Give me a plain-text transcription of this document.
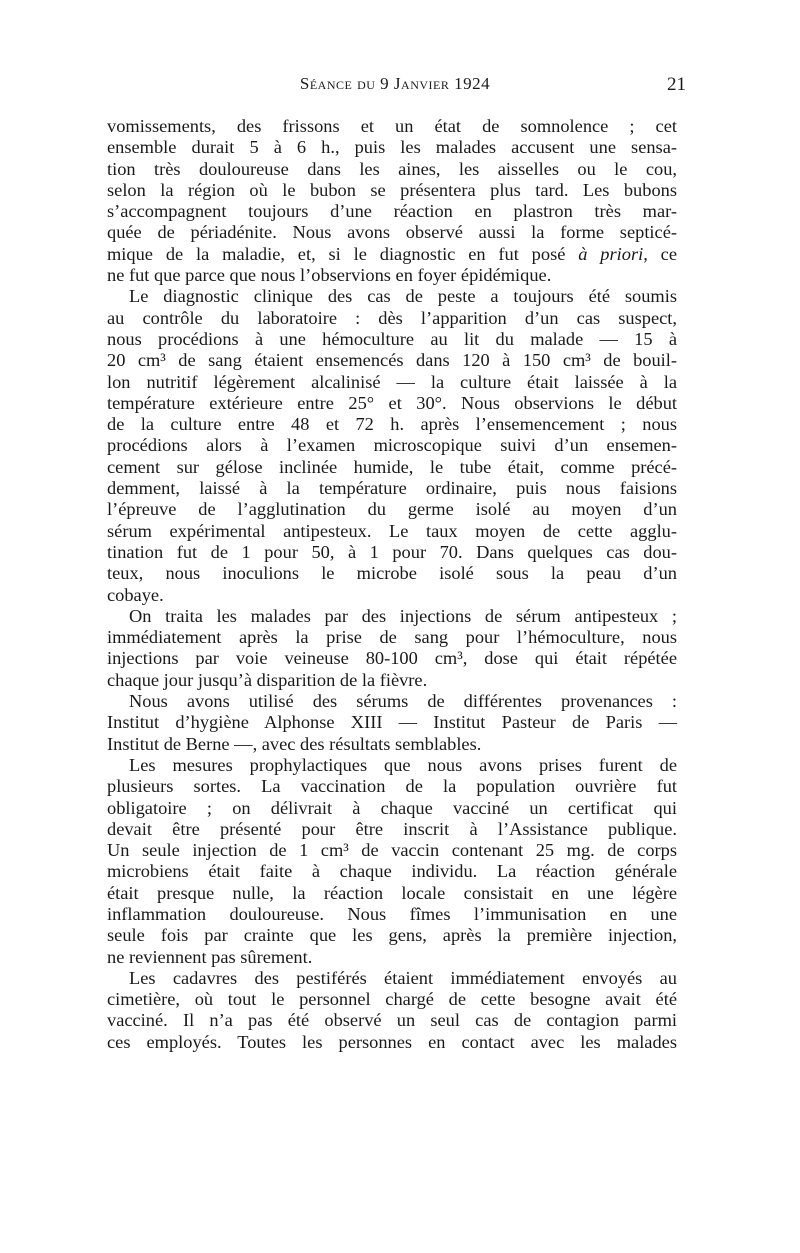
Séance du 9 Janvier 1924	21
vomissements, des frissons et un état de somnolence ; cet
ensemble durait 5 à 6 h., puis les malades accusent une sensa-
tion très douloureuse dans les aines, les aisselles ou le cou,
selon la région où le bubon se présentera plus tard. Les bubons
s’accompagnent toujours d’une réaction en plastron très mar-
quée de périadénite. Nous avons observé aussi la forme septicé-
mique de la maladie, et, si le diagnostic en fut posé à priori, ce
ne fut que parce que nous l’observions en foyer épidémique.
Le diagnostic clinique des cas de peste a toujours été soumis
au contrôle du laboratoire : dès l’apparition d’un cas suspect,
nous procédions à une hémoculture au lit du malade — 15 à
20 cm³ de sang étaient ensemencés dans 120 à 150 cm³ de bouil-
lon nutritif légèrement alcalinisé — la culture était laissée à la
température extérieure entre 25° et 30°. Nous observions le début
de la culture entre 48 et 72 h. après l’ensemencement ; nous
procédions alors à l’examen microscopique suivi d’un ensemen-
cement sur gélose inclinée humide, le tube était, comme précé-
demment, laissé à la température ordinaire, puis nous faisions
l’épreuve de l’agglutination du germe isolé au moyen d’un
sérum expérimental antipesteux. Le taux moyen de cette agglu-
tination fut de 1 pour 50, à 1 pour 70. Dans quelques cas dou-
teux, nous inoculions le microbe isolé sous la peau d’un
cobaye.
On traita les malades par des injections de sérum antipesteux ;
immédiatement après la prise de sang pour l’hémoculture, nous
injections par voie veineuse 80-100 cm³, dose qui était répétée
chaque jour jusqu’à disparition de la fièvre.
Nous avons utilisé des sérums de différentes provenances :
Institut d’hygiène Alphonse XIII — Institut Pasteur de Paris —
Institut de Berne —, avec des résultats semblables.
Les mesures prophylactiques que nous avons prises furent de
plusieurs sortes. La vaccination de la population ouvrière fut
obligatoire ; on délivrait à chaque vacciné un certificat qui
devait être présenté pour être inscrit à l’Assistance publique.
Un seule injection de 1 cm³ de vaccin contenant 25 mg. de corps
microbiens était faite à chaque individu. La réaction générale
était presque nulle, la réaction locale consistait en une légère
inflammation douloureuse. Nous fîmes l’immunisation en une
seule fois par crainte que les gens, après la première injection,
ne reviennent pas sûrement.
Les cadavres des pestiférés étaient immédiatement envoyés au
cimetière, où tout le personnel chargé de cette besogne avait été
vacciné. Il n’a pas été observé un seul cas de contagion parmi
ces employés. Toutes les personnes en contact avec les malades
